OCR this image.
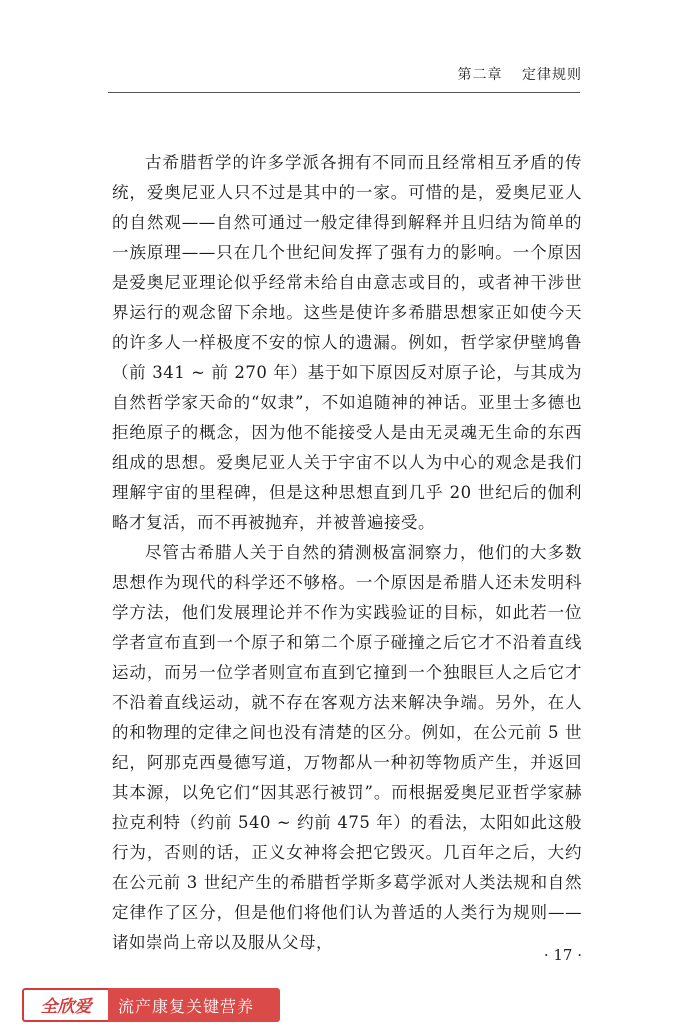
第二章 定律规则

古希腊哲学的许多学派各拥有不同而且经常相互矛盾的传统，爱奥尼亚人只不过是其中的一家。可惜的是，爱奥尼亚人的自然观——自然可通过一般定律得到解释并且归结为简单的一族原理——只在几个世纪间发挥了强有力的影响。一个原因是爱奥尼亚理论似乎经常未给自由意志或目的，或者神干涉世界运行的观念留下余地。这些是使许多希腊思想家正如使今天的许多人一样极度不安的惊人的遗漏。例如，哲学家伊壁鸠鲁（前 341 ~ 前 270 年）基于如下原因反对原子论，与其成为自然哲学家天命的“奴隶”，不如追随神的神话。亚里士多德也拒绝原子的概念，因为他不能接受人是由无灵魂无生命的东西组成的思想。爱奥尼亚人关于宇宙不以人为中心的观念是我们理解宇宙的里程碑，但是这种思想直到几乎 20 世纪后的伽利略才复活，而不再被抛弃，并被普遍接受。

尽管古希腊人关于自然的猜测极富洞察力，他们的大多数思想作为现代的科学还不够格。一个原因是希腊人还未发明科学方法，他们发展理论并不作为实践验证的目标，如此若一位学者宣布直到一个原子和第二个原子碰撞之后它才不沿着直线运动，而另一位学者则宣布直到它撞到一个独眼巨人之后它才不沿着直线运动，就不存在客观方法来解决争端。另外，在人的和物理的定律之间也没有清楚的区分。例如，在公元前 5 世纪，阿那克西曼德写道，万物都从一种初等物质产生，并返回其本源，以免它们“因其恶行被罚”。而根据爱奥尼亚哲学家赫拉克利特（约前 540 ~ 约前 475 年）的看法，太阳如此这般行为，否则的话，正义女神将会把它毁灭。几百年之后，大约在公元前 3 世纪产生的希腊哲学斯多葛学派对人类法规和自然定律作了区分，但是他们将他们认为普适的人类行为规则——诸如崇尚上帝以及服从父母，

· 17 ·
全欣爱	流产康复关键营养
